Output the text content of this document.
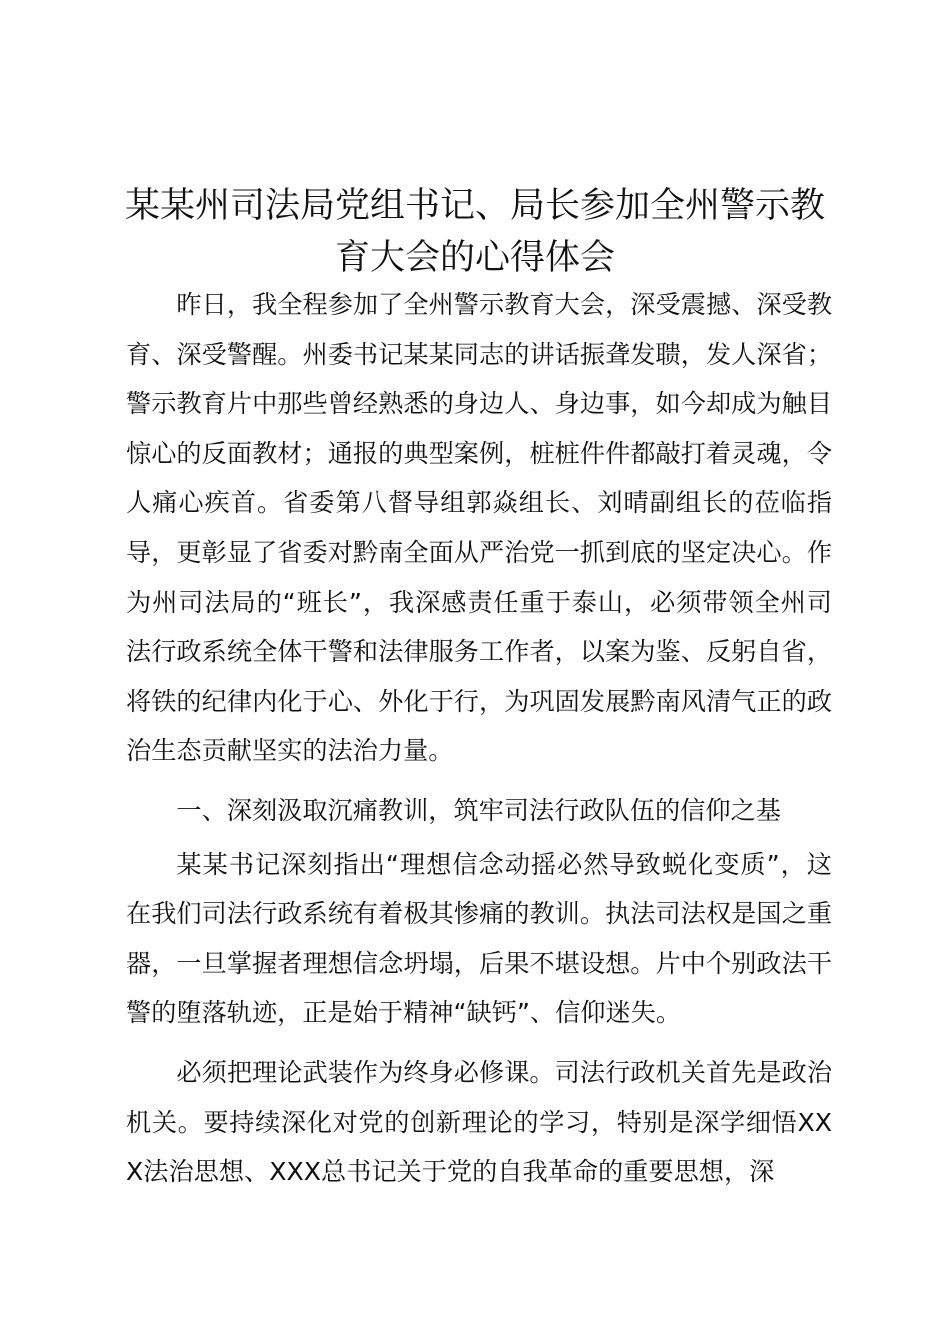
某某州司法局党组书记、局长参加全州警示教育大会的心得体会

昨日，我全程参加了全州警示教育大会，深受震撼、深受教育、深受警醒。州委书记某某同志的讲话振聋发聩，发人深省；警示教育片中那些曾经熟悉的身边人、身边事，如今却成为触目惊心的反面教材；通报的典型案例，桩桩件件都敲打着灵魂，令人痛心疾首。省委第八督导组郭焱组长、刘晴副组长的莅临指导，更彰显了省委对黔南全面从严治党一抓到底的坚定决心。作为州司法局的“班长”，我深感责任重于泰山，必须带领全州司法行政系统全体干警和法律服务工作者，以案为鉴、反躬自省，将铁的纪律内化于心、外化于行，为巩固发展黔南风清气正的政治生态贡献坚实的法治力量。

一、深刻汲取沉痛教训，筑牢司法行政队伍的信仰之基

某某书记深刻指出“理想信念动摇必然导致蜕化变质”，这在我们司法行政系统有着极其惨痛的教训。执法司法权是国之重器，一旦掌握者理想信念坍塌，后果不堪设想。片中个别政法干警的堕落轨迹，正是始于精神“缺钙”、信仰迷失。

必须把理论武装作为终身必修课。司法行政机关首先是政治机关。要持续深化对党的创新理论的学习，特别是深学细悟XXX法治思想、XXX总书记关于党的自我革命的重要思想，深
